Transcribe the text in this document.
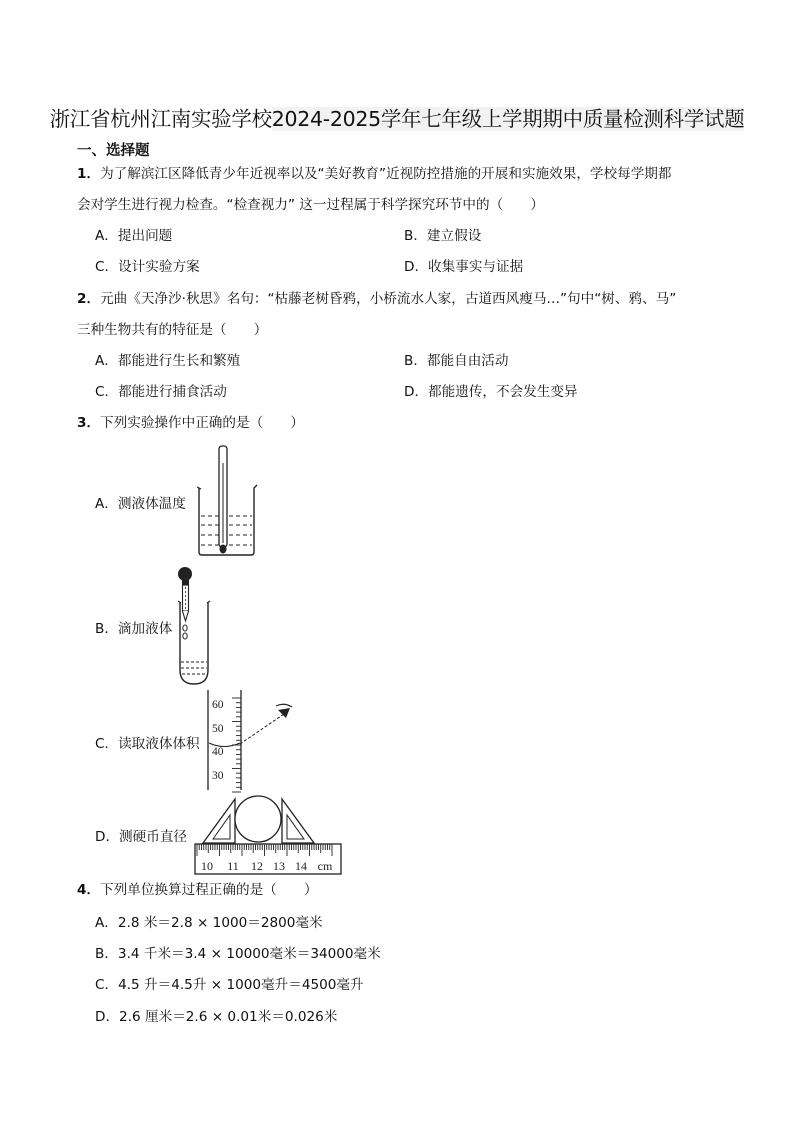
浙江省杭州江南实验学校2024-2025学年七年级上学期期中质量检测科学试题
一、选择题
1．为了解滨江区降低青少年近视率以及“美好教育”近视防控措施的开展和实施效果，学校每学期都
会对学生进行视力检查。“检查视力” 这一过程属于科学探究环节中的（　　）
A．提出问题	B．建立假设
C．设计实验方案	D．收集事实与证据
2．元曲《天净沙·秋思》名句：“枯藤老树昏鸦，小桥流水人家，古道西风瘦马…”句中“树、鸦、马”
三种生物共有的特征是（　　）
A．都能进行生长和繁殖	B．都能自由活动
C．都能进行捕食活动	D．都能遗传，不会发生变异
3．下列实验操作中正确的是（　　）
A．测液体温度
B．滴加液体
C．读取液体体积
60
50
40
30
D．测硬币直径
10 11 12 13 14 cm
4．下列单位换算过程正确的是（　　）
A．2.8 米＝2.8 × 1000＝2800毫米
B．3.4 千米＝3.4 × 10000毫米＝34000毫米
C．4.5 升＝4.5升 × 1000毫升＝4500毫升
D．2.6 厘米＝2.6 × 0.01米＝0.026米
